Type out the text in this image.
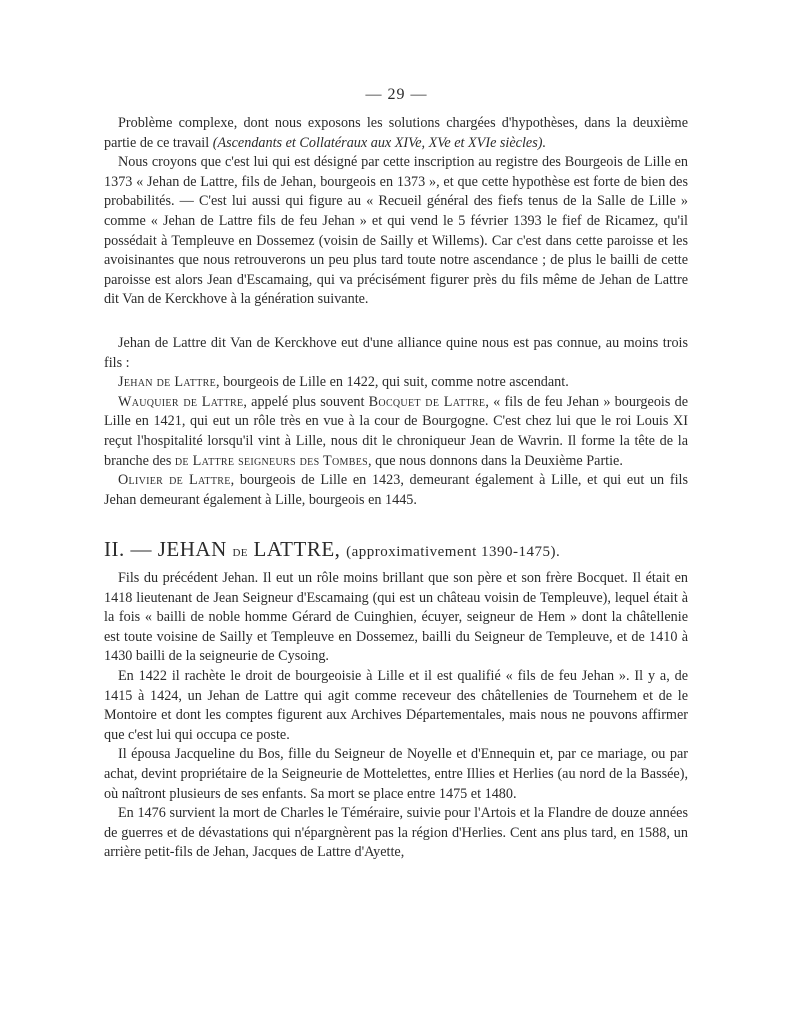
— 29 —

Problème complexe, dont nous exposons les solutions chargées d'hypothèses, dans la deuxième partie de ce travail (Ascendants et Collatéraux aux XIVe, XVe et XVIe siècles).

Nous croyons que c'est lui qui est désigné par cette inscription au registre des Bourgeois de Lille en 1373 « Jehan de Lattre, fils de Jehan, bourgeois en 1373 », et que cette hypothèse est forte de bien des probabilités. — C'est lui aussi qui figure au « Recueil général des fiefs tenus de la Salle de Lille » comme « Jehan de Lattre fils de feu Jehan » et qui vend le 5 février 1393 le fief de Ricamez, qu'il possédait à Templeuve en Dossemez (voisin de Sailly et Willems). Car c'est dans cette paroisse et les avoisinantes que nous retrouverons un peu plus tard toute notre ascendance ; de plus le bailli de cette paroisse est alors Jean d'Escamaing, qui va précisément figurer près du fils même de Jehan de Lattre dit Van de Kerckhove à la génération suivante.

Jehan de Lattre dit Van de Kerckhove eut d'une alliance quine nous est pas connue, au moins trois fils :

Jehan de Lattre, bourgeois de Lille en 1422, qui suit, comme notre ascendant.

Wauquier de Lattre, appelé plus souvent Bocquet de Lattre, « fils de feu Jehan » bourgeois de Lille en 1421, qui eut un rôle très en vue à la cour de Bourgogne. C'est chez lui que le roi Louis XI reçut l'hospitalité lorsqu'il vint à Lille, nous dit le chroniqueur Jean de Wavrin. Il forme la tête de la branche des de Lattre seigneurs des Tombes, que nous donnons dans la Deuxième Partie.

Olivier de Lattre, bourgeois de Lille en 1423, demeurant également à Lille, et qui eut un fils Jehan demeurant également à Lille, bourgeois en 1445.

II. — JEHAN de LATTRE, (approximativement 1390-1475).

Fils du précédent Jehan. Il eut un rôle moins brillant que son père et son frère Bocquet. Il était en 1418 lieutenant de Jean Seigneur d'Escamaing (qui est un château voisin de Templeuve), lequel était à la fois « bailli de noble homme Gérard de Cuinghien, écuyer, seigneur de Hem » dont la châtellenie est toute voisine de Sailly et Templeuve en Dossemez, bailli du Seigneur de Templeuve, et de 1410 à 1430 bailli de la seigneurie de Cysoing.

En 1422 il rachète le droit de bourgeoisie à Lille et il est qualifié « fils de feu Jehan ». Il y a, de 1415 à 1424, un Jehan de Lattre qui agit comme receveur des châtellenies de Tournehem et de le Montoire et dont les comptes figurent aux Archives Départementales, mais nous ne pouvons affirmer que c'est lui qui occupa ce poste.

Il épousa Jacqueline du Bos, fille du Seigneur de Noyelle et d'Ennequin et, par ce mariage, ou par achat, devint propriétaire de la Seigneurie de Mottelettes, entre Illies et Herlies (au nord de la Bassée), où naîtront plusieurs de ses enfants. Sa mort se place entre 1475 et 1480.

En 1476 survient la mort de Charles le Téméraire, suivie pour l'Artois et la Flandre de douze années de guerres et de dévastations qui n'épargnèrent pas la région d'Herlies. Cent ans plus tard, en 1588, un arrière petit-fils de Jehan, Jacques de Lattre d'Ayette,
